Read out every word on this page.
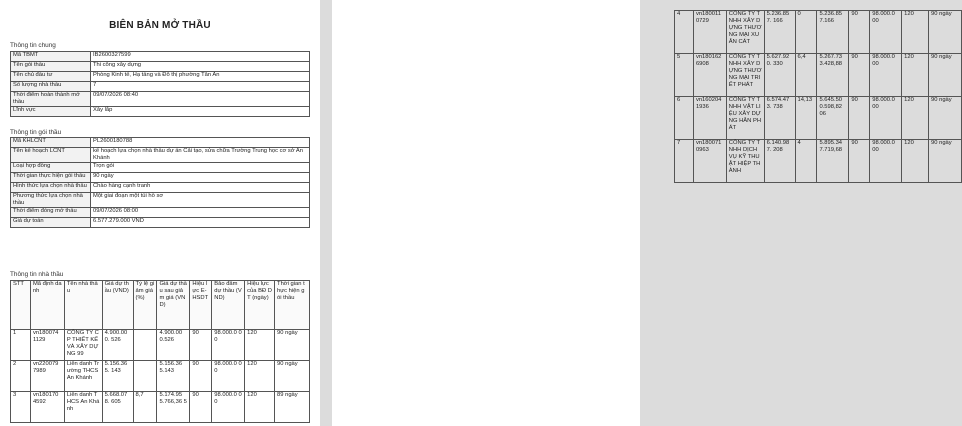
BIÊN BẢN MỞ THẦU
Thông tin chung
Mã TBMT	IB2600327599
Tên gói thầu	Thi công xây dựng
Tên chủ đầu tư	Phòng Kinh tế, Hạ tầng và Đô thị phường Tân An
Số lượng nhà thầu	7
Thời điểm hoàn thành mở thầu	09/07/2026 08:40
Lĩnh vực	Xây lắp
Thông tin gói thầu
Mã KHLCNT	PL2600180788
Tên kế hoạch LCNT	kế hoạch lựa chọn nhà thầu dự án Cải tạo, sửa chữa Trường Trung học cơ sở An Khánh
Loại hợp đồng	Trọn gói
Thời gian thực hiện gói thầu	90 ngày
Hình thức lựa chọn nhà thầu	Chào hàng cạnh tranh
Phương thức lựa chọn nhà thầu	Một giai đoạn một túi hồ sơ
Thời điểm đóng mở thầu	09/07/2026 08:00
Giá dự toán	6.577.279.000 VND
Thông tin nhà thầu
STT	Mã định danh	Tên nhà thầu	Giá dự thầu (VND)	Tỷ lệ giảm giá (%)	Giá dự thầu sau giảm giá (VND)	Hiệu lực E-HSDT	Bảo đảm dự thầu (VND)	Hiệu lực của BĐ DT (ngày)	Thời gian thực hiện gói thầu
1	vn180074 1129	CÔNG TY CP THIẾT KẾ VÀ XÂY DỰNG 99	4.900.000. 526		4.900.00 0.526	90	98.000.0 00	120	90 ngày
2	vn220079 7989	Liên danh Trường THCS An Khánh	5.156.365. 143		5.156.36 5.143	90	98.000.0 00	120	90 ngày
3	vn180170 4592	Liên danh THCS An Khánh	5.668.078. 605	8,7	5.174.95 5.766,36 5	90	98.000.0 00	120	89 ngày
4	vn180011 0729	CÔNG TY TNHH XÂY DỰNG THƯƠNG MẠI XUÂN CÁT	5.236.857. 166	0	5.236.85 7.166	90	98.000.0 00	120	90 ngày
5	vn180162 6908	CÔNG TY TNHH XÂY DỰNG THƯƠNG MẠI TRIẾT PHÁT	5.627.920. 330	6,4	5.267.73 3.428,88	90	98.000.0 00	120	90 ngày
6	vn160204 1936	CÔNG TY TNHH VẬT LIỆU XÂY DỰNG HÂN PHÁT	6.574.473. 738	14,13	5.645.50 0.598,82 06	90	98.000.0 00	120	90 ngày
7	vn180071 0963	CÔNG TY TNHH DỊCH VỤ KỸ THUẬT HIỆP THÀNH	6.140.987. 208	4	5.895.34 7.719,68	90	98.000.0 00	120	90 ngày
